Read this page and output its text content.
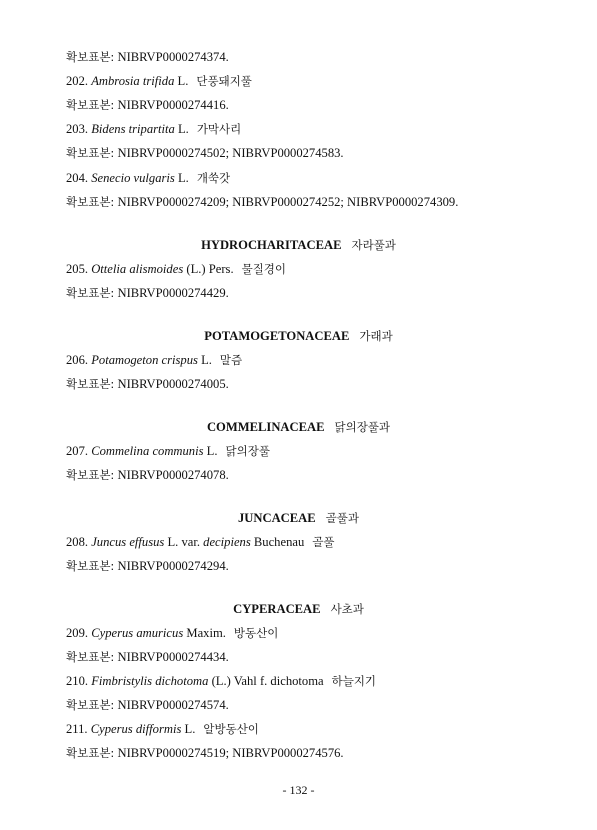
확보표본: NIBRVP0000274374.
202. Ambrosia trifida L. 단풍돼지풀
확보표본: NIBRVP0000274416.
203. Bidens tripartita L. 가막사리
확보표본: NIBRVP0000274502; NIBRVP0000274583.
204. Senecio vulgaris L. 개쑥갓
확보표본: NIBRVP0000274209; NIBRVP0000274252; NIBRVP0000274309.
HYDROCHARITACEAE 자라풀과
205. Ottelia alismoides (L.) Pers. 물질경이
확보표본: NIBRVP0000274429.
POTAMOGETONACEAE 가래과
206. Potamogeton crispus L. 말즘
확보표본: NIBRVP0000274005.
COMMELINACEAE 닭의장풀과
207. Commelina communis L. 닭의장풀
확보표본: NIBRVP0000274078.
JUNCACEAE 골풀과
208. Juncus effusus L. var. decipiens Buchenau 골풀
확보표본: NIBRVP0000274294.
CYPERACEAE 사초과
209. Cyperus amuricus Maxim. 방동산이
확보표본: NIBRVP0000274434.
210. Fimbristylis dichotoma (L.) Vahl f. dichotoma 하늘지기
확보표본: NIBRVP0000274574.
211. Cyperus difformis L. 알방동산이
확보표본: NIBRVP0000274519; NIBRVP0000274576.
- 132 -
